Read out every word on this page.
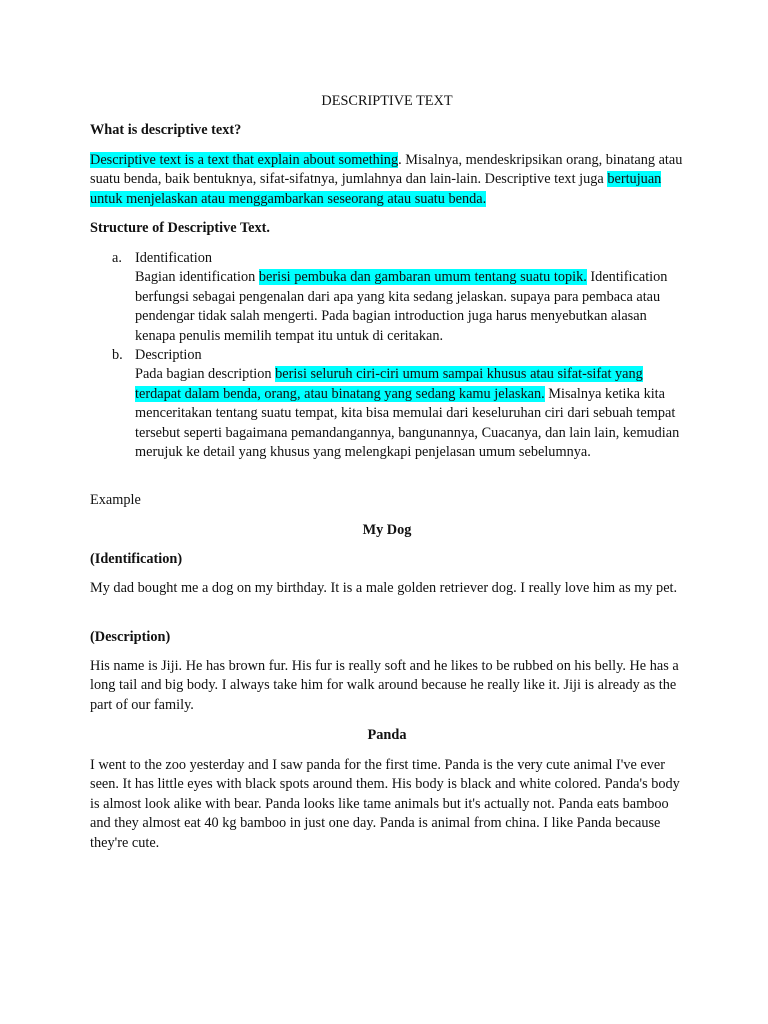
DESCRIPTIVE TEXT

What is descriptive text?

Descriptive text is a text that explain about something. Misalnya, mendeskripsikan orang, binatang atau suatu benda, baik bentuknya, sifat-sifatnya, jumlahnya dan lain-lain. Descriptive text juga bertujuan untuk menjelaskan atau menggambarkan seseorang atau suatu benda.

Structure of Descriptive Text.

a. Identification
Bagian identification berisi pembuka dan gambaran umum tentang suatu topik. Identification berfungsi sebagai pengenalan dari apa yang kita sedang jelaskan. supaya para pembaca atau pendengar tidak salah mengerti. Pada bagian introduction juga harus menyebutkan alasan kenapa penulis memilih tempat itu untuk di ceritakan.
b. Description
Pada bagian description berisi seluruh ciri-ciri umum sampai khusus atau sifat-sifat yang terdapat dalam benda, orang, atau binatang yang sedang kamu jelaskan. Misalnya ketika kita menceritakan tentang suatu tempat, kita bisa memulai dari keseluruhan ciri dari sebuah tempat tersebut seperti bagaimana pemandangannya, bangunannya, Cuacanya, dan lain lain, kemudian merujuk ke detail yang khusus yang melengkapi penjelasan umum sebelumnya.

Example

My Dog

(Identification)

My dad bought me a dog on my birthday. It is a male golden retriever dog. I really love him as my pet.

(Description)

His name is Jiji. He has brown fur. His fur is really soft and he likes to be rubbed on his belly. He has a long tail and big body. I always take him for walk around because he really like it. Jiji is already as the part of our family.

Panda

I went to the zoo yesterday and I saw panda for the first time. Panda is the very cute animal I've ever seen. It has little eyes with black spots around them. His body is black and white colored. Panda's body is almost look alike with bear. Panda looks like tame animals but it's actually not. Panda eats bamboo and they almost eat 40 kg bamboo in just one day. Panda is animal from china. I like Panda because they're cute.
